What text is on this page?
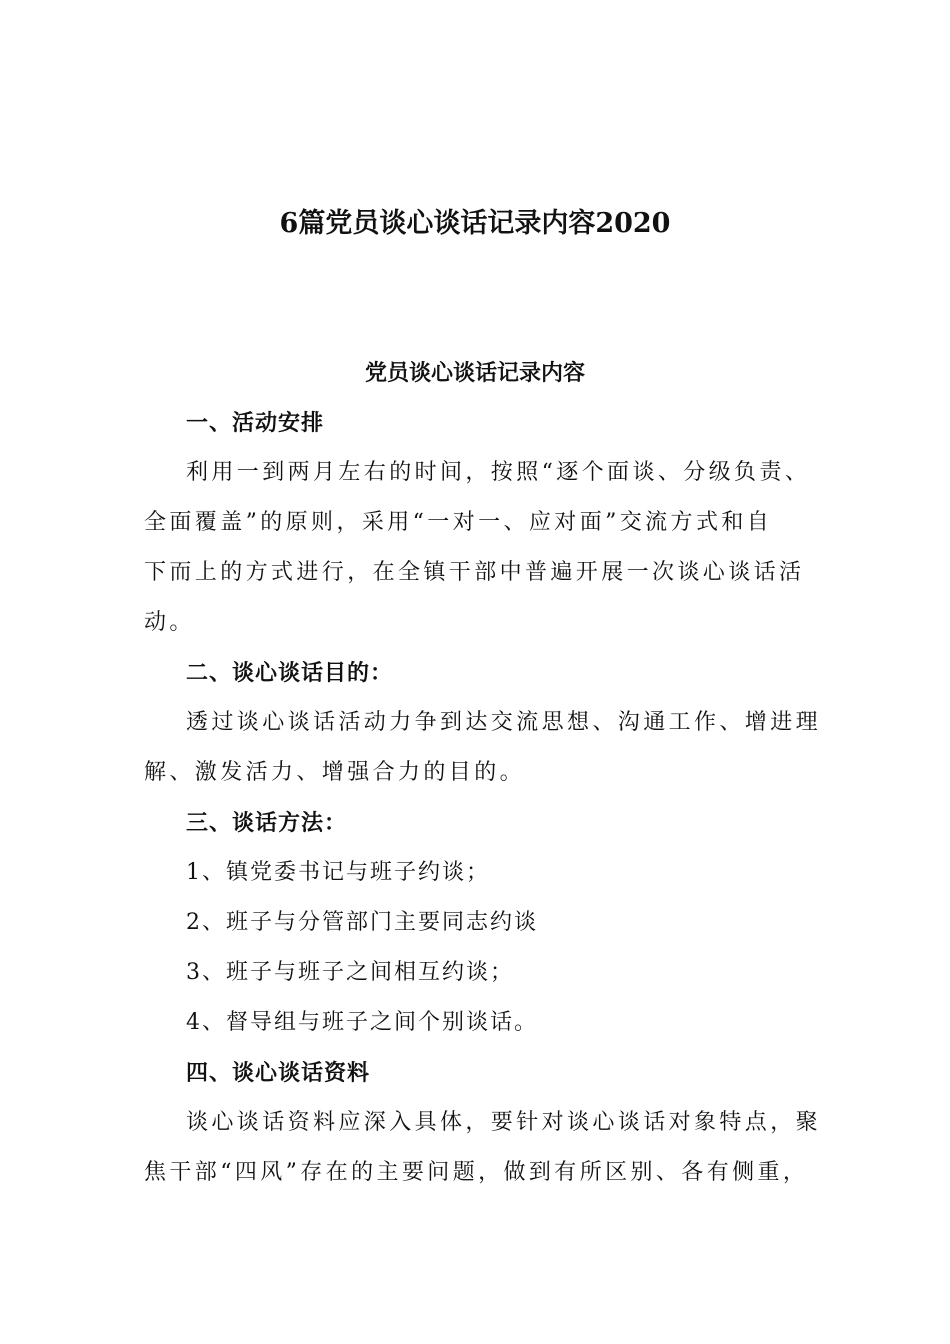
6篇党员谈心谈话记录内容2020
党员谈心谈话记录内容
一、活动安排
利用一到两月左右的时间，按照“逐个面谈、分级负责、
全面覆盖”的原则，采用“一对一、应对面”交流方式和自
下而上的方式进行，在全镇干部中普遍开展一次谈心谈话活
动。
二、谈心谈话目的：
透过谈心谈话活动力争到达交流思想、沟通工作、增进理
解、激发活力、增强合力的目的。
三、谈话方法：
1、镇党委书记与班子约谈；
2、班子与分管部门主要同志约谈
3、班子与班子之间相互约谈；
4、督导组与班子之间个别谈话。
四、谈心谈话资料
谈心谈话资料应深入具体，要针对谈心谈话对象特点，聚
焦干部“四风”存在的主要问题，做到有所区别、各有侧重，
